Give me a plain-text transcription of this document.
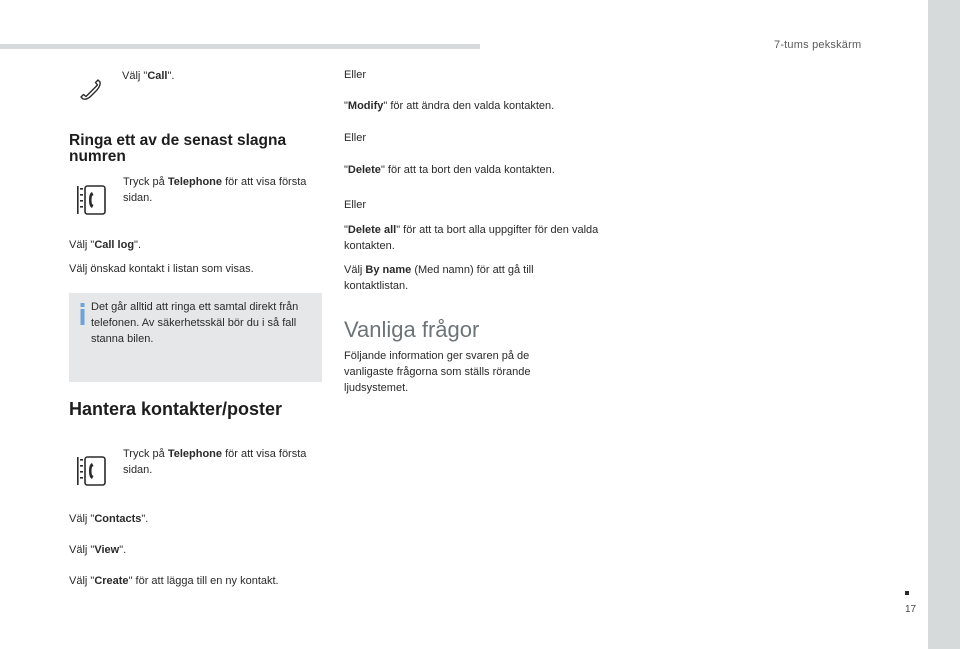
7-tums pekskärm
17

Välj "Call".

Ringa ett av de senast slagna numren

Tryck på Telephone för att visa första sidan.

Välj "Call log".

Välj önskad kontakt i listan som visas.

Det går alltid att ringa ett samtal direkt från telefonen. Av säkerhetsskäl bör du i så fall stanna bilen.

Hantera kontakter/poster

Tryck på Telephone för att visa första sidan.

Välj "Contacts".

Välj "View".

Välj "Create" för att lägga till en ny kontakt.

Eller

"Modify" för att ändra den valda kontakten.

Eller

"Delete" för att ta bort den valda kontakten.

Eller

"Delete all" för att ta bort alla uppgifter för den valda kontakten.

Välj By name (Med namn) för att gå till kontaktlistan.

Vanliga frågor

Följande information ger svaren på de vanligaste frågorna som ställs rörande ljudsystemet.
